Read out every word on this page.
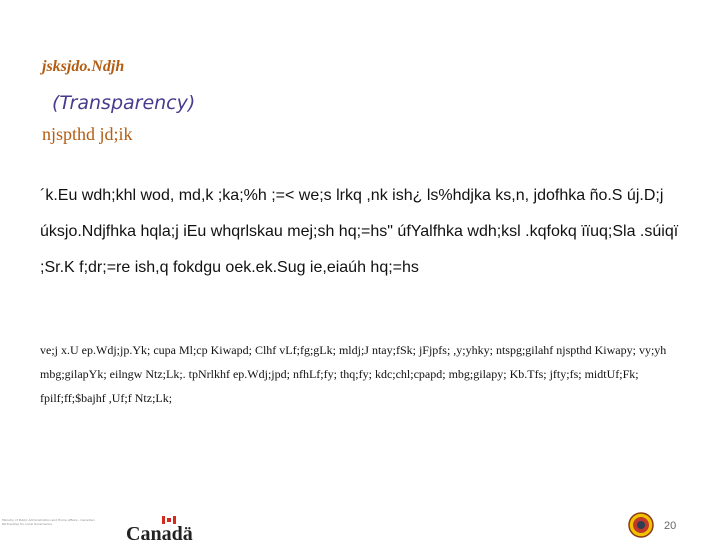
jsksjdo.Ndjh

(Transparency)

njspthd jd;ik

´k.Eu wdh;khl wod, md,k ;ka;%h ;=< we;s lrkq ,nk ish¿ ls%hdjka ks,n, jdofhka ño.S új.D;j úksjo.Ndjfhka hqla;j iEu whqrlskau mej;sh hq;=hs" úfYalfhka wdh;ksl .kqfokq ïïuq;Sla .súiqï ;Sr.K f;dr;=re ish,q fokdgu oek.ek.Sug ie,eiaúh hq;=hs

ve;j x.U ep.Wdj;jp.Yk; cupa Ml;cp Kiwapd; Clhf vLf;fg;gLk; mldj;J ntay;fSk; jFjpfs; ,y;yhky; ntspg;gilahf njspthd Kiwapy; vy;yh mbg;gilapYk; eilngw Ntz;Lk;. tpNrlkhf ep.Wdj;jpd; nfhLf;fy; thq;fy; kdc;chl;cpapd; mbg;gilapy; Kb.Tfs; jfty;fs; midtUf;Fk; fpilf;ff;$bajhf ,Uf;f Ntz;Lk;

Ministry of Public Administration and Home Affairs - Canadian Partnership for Local Governance	Canadä	20
